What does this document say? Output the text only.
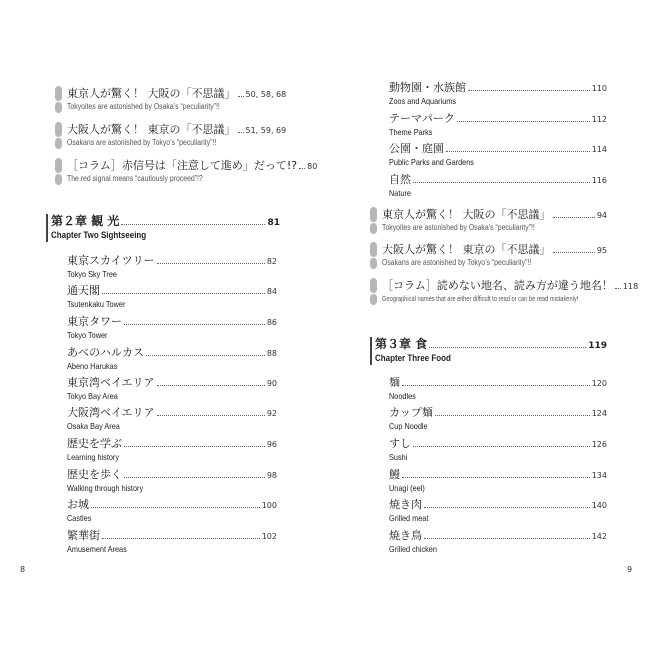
東京人が驚く！ 大阪の「不思議」 50, 58, 68
Tokyoites are astonished by Osaka’s “peculiarity”!!
大阪人が驚く！ 東京の「不思議」 51, 59, 69
Osakans are astonished by Tokyo’s “peculiarity”!!
［コラム］赤信号は「注意して進め」だって!? 80
The red signal means “cautiously proceed”!?
第２章 観 光	81
Chapter Two Sightseeing
東京スカイツリー	82
Tokyo Sky Tree
通天閣	84
Tsutenkaku Tower
東京タワー	86
Tokyo Tower
あべのハルカス	88
Abeno Harukas
東京湾ベイエリア	90
Tokyo Bay Area
大阪湾ベイエリア	92
Osaka Bay Area
歴史を学ぶ	96
Learning history
歴史を歩く	98
Walking through history
お城	100
Castles
繁華街	102
Amusement Areas
8
動物園・水族館	110
Zoos and Aquariums
テーマパーク	112
Theme Parks
公園・庭園	114
Public Parks and Gardens
自然	116
Nature
東京人が驚く！ 大阪の「不思議」	94
Tokyoites are astonished by Osaka’s “peculiarity”!!
大阪人が驚く！ 東京の「不思議」	95
Osakans are astonished by Tokyo’s “peculiarity”!!
［コラム］読めない地名、読み方が違う地名！ 118
Geographical names that are either difficult to read or can be read mistakenly!
第３章 食	119
Chapter Three Food
麺	120
Noodles
カップ麺	124
Cup Noodle
すし	126
Sushi
鰻	134
Unagi (eel)
焼き肉	140
Grilled meat
焼き鳥	142
Grilled chicken
9
